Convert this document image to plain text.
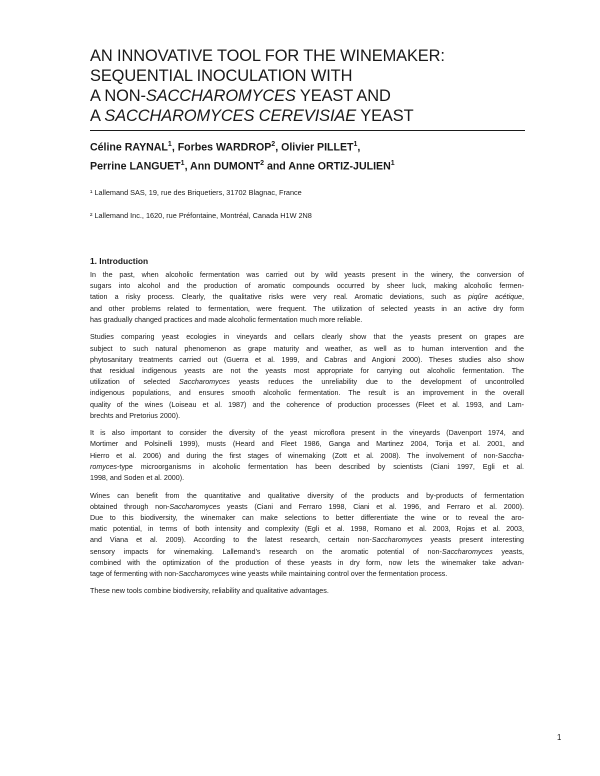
AN INNOVATIVE TOOL FOR THE WINEMAKER:
SEQUENTIAL INOCULATION WITH
A NON-SACCHAROMYCES YEAST AND
A SACCHAROMYCES CEREVISIAE YEAST
Céline RAYNAL$^1$, Forbes WARDROP$^2$, Olivier PILLET$^1$,
Perrine LANGUET$^1$, Ann DUMONT$^2$ and Anne ORTIZ-JULIEN$^1$

¹ Lallemand SAS, 19, rue des Briquetiers, 31702 Blagnac, France

² Lallemand Inc., 1620, rue Préfontaine, Montréal, Canada H1W 2N8

1. Introduction

In the past, when alcoholic fermentation was carried out by wild yeasts present in the winery, the conversion of
sugars into alcohol and the production of aromatic compounds occurred by sheer luck, making alcoholic fermen-
tation a risky process. Clearly, the qualitative risks were very real. Aromatic deviations, such as piqûre acétique,
and other problems related to fermentation, were frequent. The utilization of selected yeasts in an active dry form
has gradually changed practices and made alcoholic fermentation much more reliable.

Studies comparing yeast ecologies in vineyards and cellars clearly show that the yeasts present on grapes are
subject to such natural phenomenon as grape maturity and weather, as well as to human intervention and the
phytosanitary treatments carried out (Guerra et al. 1999, and Cabras and Angioni 2000). Theses studies also show
that residual indigenous yeasts are not the yeasts most appropriate for carrying out alcoholic fermentation. The
utilization of selected Saccharomyces yeasts reduces the unreliability due to the development of uncontrolled
indigenous populations, and ensures smooth alcoholic fermentation. The result is an improvement in the overall
quality of the wines (Loiseau et al. 1987) and the coherence of production processes (Fleet et al. 1993, and Lam-
brechts and Pretorius 2000).

It is also important to consider the diversity of the yeast microflora present in the vineyards (Davenport 1974, and
Mortimer and Polsinelli 1999), musts (Heard and Fleet 1986, Ganga and Martinez 2004, Torija et al. 2001, and
Hierro et al. 2006) and during the first stages of winemaking (Zott et al. 2008). The involvement of non-Saccha-
romyces-type microorganisms in alcoholic fermentation has been described by scientists (Ciani 1997, Egli et al.
1998, and Soden et al. 2000).

Wines can benefit from the quantitative and qualitative diversity of the products and by-products of fermentation
obtained through non-Saccharomyces yeasts (Ciani and Ferraro 1998, Ciani et al. 1996, and Ferraro et al. 2000).
Due to this biodiversity, the winemaker can make selections to better differentiate the wine or to reveal the aro-
matic potential, in terms of both intensity and complexity (Egli et al. 1998, Romano et al. 2003, Rojas et al. 2003,
and Viana et al. 2009). According to the latest research, certain non-Saccharomyces yeasts present interesting
sensory impacts for winemaking. Lallemand’s research on the aromatic potential of non-Saccharomyces yeasts,
combined with the optimization of the production of these yeasts in dry form, now lets the winemaker take advan-
tage of fermenting with non-Saccharomyces wine yeasts while maintaining control over the fermentation process.

These new tools combine biodiversity, reliability and qualitative advantages.

1
